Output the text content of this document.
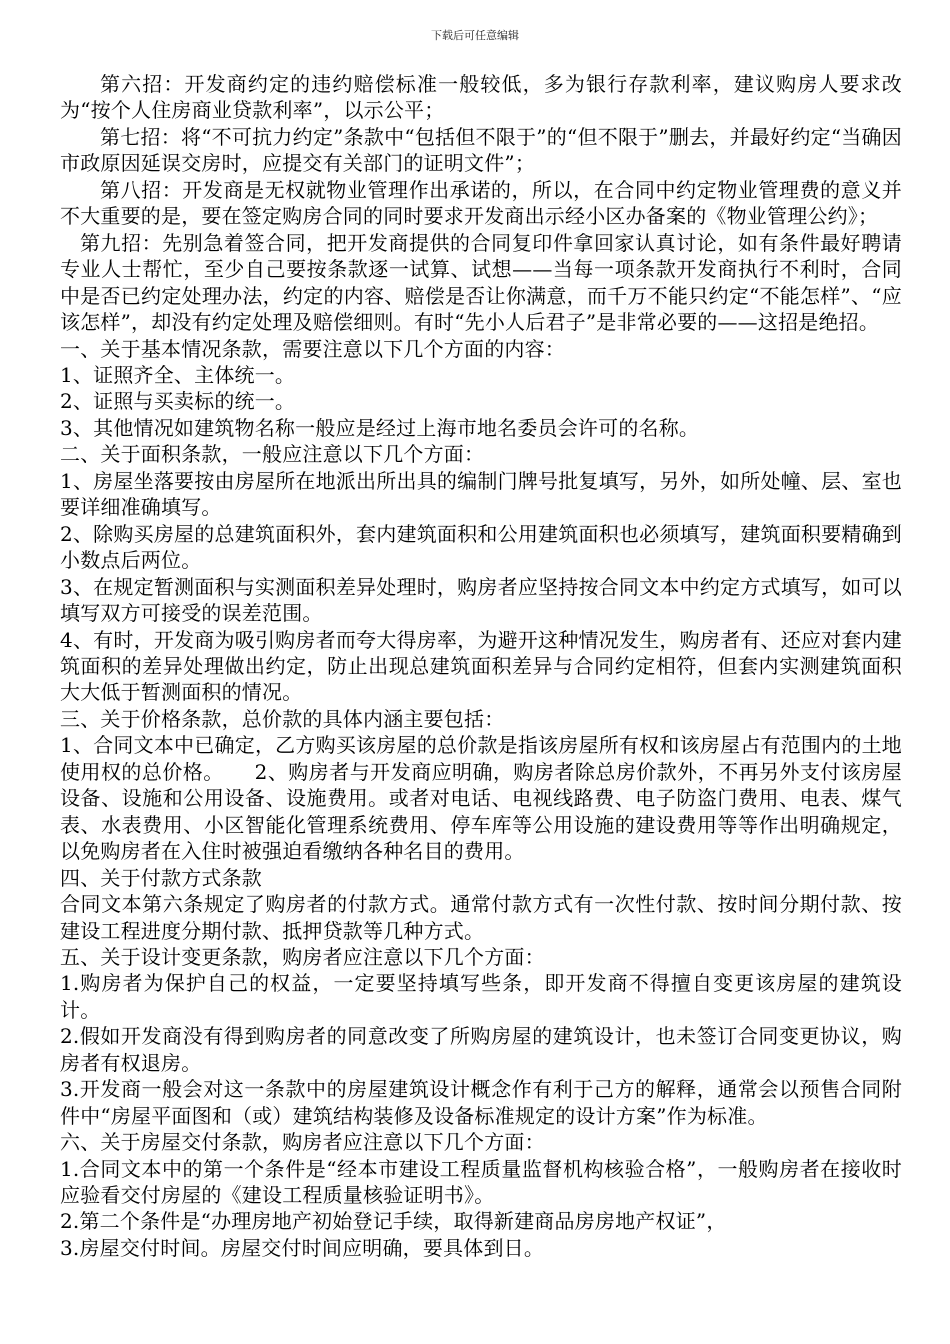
下载后可任意编辑

第六招：开发商约定的违约赔偿标准一般较低，多为银行存款利率，建议购房人要求改为“按个人住房商业贷款利率”，以示公平；

第七招：将“不可抗力约定”条款中“包括但不限于”的“但不限于”删去，并最好约定“当确因市政原因延误交房时，应提交有关部门的证明文件”；

第八招：开发商是无权就物业管理作出承诺的，所以，在合同中约定物业管理费的意义并不大重要的是，要在签定购房合同的同时要求开发商出示经小区办备案的《物业管理公约》；

第九招：先别急着签合同，把开发商提供的合同复印件拿回家认真讨论，如有条件最好聘请专业人士帮忙，至少自己要按条款逐一试算、试想——当每一项条款开发商执行不利时，合同中是否已约定处理办法，约定的内容、赔偿是否让你满意，而千万不能只约定“不能怎样”、“应该怎样”，却没有约定处理及赔偿细则。有时“先小人后君子”是非常必要的——这招是绝招。

一、关于基本情况条款，需要注意以下几个方面的内容：

1、证照齐全、主体统一。

2、证照与买卖标的统一。

3、其他情况如建筑物名称一般应是经过上海市地名委员会许可的名称。

二、关于面积条款，一般应注意以下几个方面：

1、房屋坐落要按由房屋所在地派出所出具的编制门牌号批复填写，另外，如所处幢、层、室也要详细准确填写。

2、除购买房屋的总建筑面积外，套内建筑面积和公用建筑面积也必须填写，建筑面积要精确到小数点后两位。

3、在规定暂测面积与实测面积差异处理时，购房者应坚持按合同文本中约定方式填写，如可以填写双方可接受的误差范围。

4、有时，开发商为吸引购房者而夸大得房率，为避开这种情况发生，购房者有、还应对套内建筑面积的差异处理做出约定，防止出现总建筑面积差异与合同约定相符，但套内实测建筑面积大大低于暂测面积的情况。

三、关于价格条款，总价款的具体内涵主要包括：

1、合同文本中已确定，乙方购买该房屋的总价款是指该房屋所有权和该房屋占有范围内的土地使用权的总价格。　　2、购房者与开发商应明确，购房者除总房价款外，不再另外支付该房屋设备、设施和公用设备、设施费用。或者对电话、电视线路费、电子防盗门费用、电表、煤气表、水表费用、小区智能化管理系统费用、停车库等公用设施的建设费用等等作出明确规定，以免购房者在入住时被强迫看缴纳各种名目的费用。

四、关于付款方式条款

合同文本第六条规定了购房者的付款方式。通常付款方式有一次性付款、按时间分期付款、按建设工程进度分期付款、抵押贷款等几种方式。

五、关于设计变更条款，购房者应注意以下几个方面：

1.购房者为保护自己的权益，一定要坚持填写些条，即开发商不得擅自变更该房屋的建筑设计。

2.假如开发商没有得到购房者的同意改变了所购房屋的建筑设计，也未签订合同变更协议，购房者有权退房。

3.开发商一般会对这一条款中的房屋建筑设计概念作有利于己方的解释，通常会以预售合同附件中“房屋平面图和（或）建筑结构装修及设备标准规定的设计方案”作为标准。

六、关于房屋交付条款，购房者应注意以下几个方面：

1.合同文本中的第一个条件是“经本市建设工程质量监督机构核验合格”，一般购房者在接收时应验看交付房屋的《建设工程质量核验证明书》。

2.第二个条件是“办理房地产初始登记手续，取得新建商品房房地产权证”，

3.房屋交付时间。房屋交付时间应明确，要具体到日。
